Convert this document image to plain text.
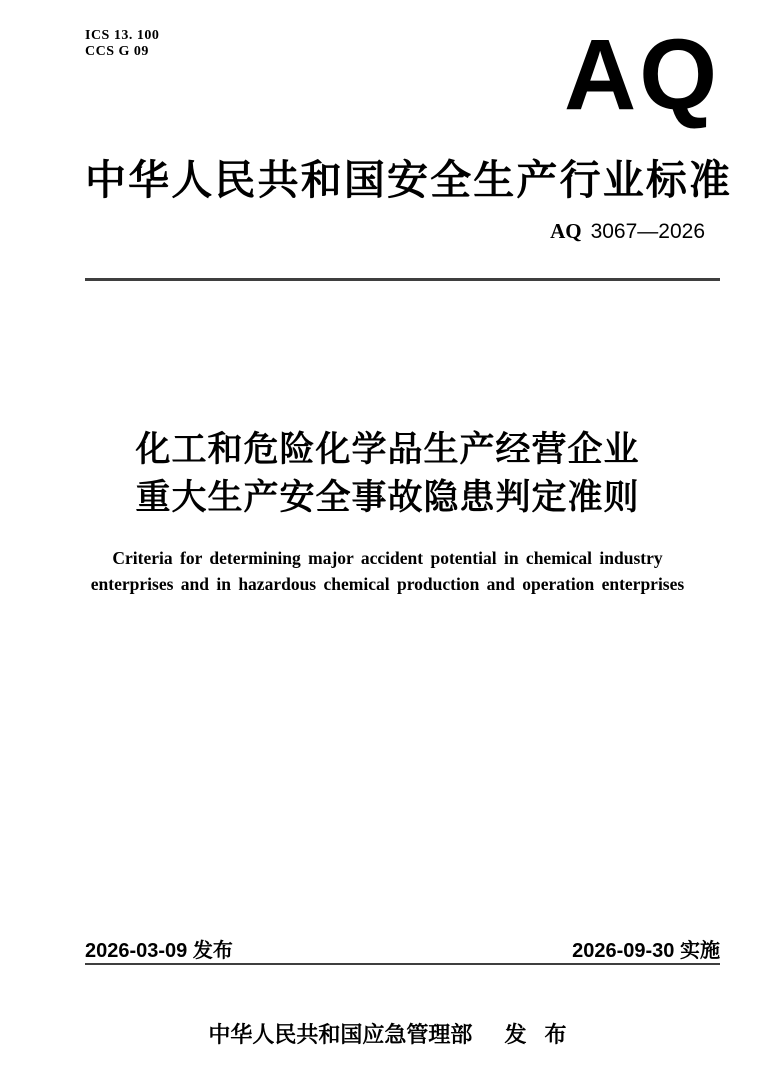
ICS 13. 100
CCS G 09	AQ
中华人民共和国安全生产行业标准
AQ 3067—2026
化工和危险化学品生产经营企业
重大生产安全事故隐患判定准则
Criteria for determining major accident potential in chemical industry
enterprises and in hazardous chemical production and operation enterprises
2026-03-09 发布	2026-09-30 实施
中华人民共和国应急管理部 发 布
